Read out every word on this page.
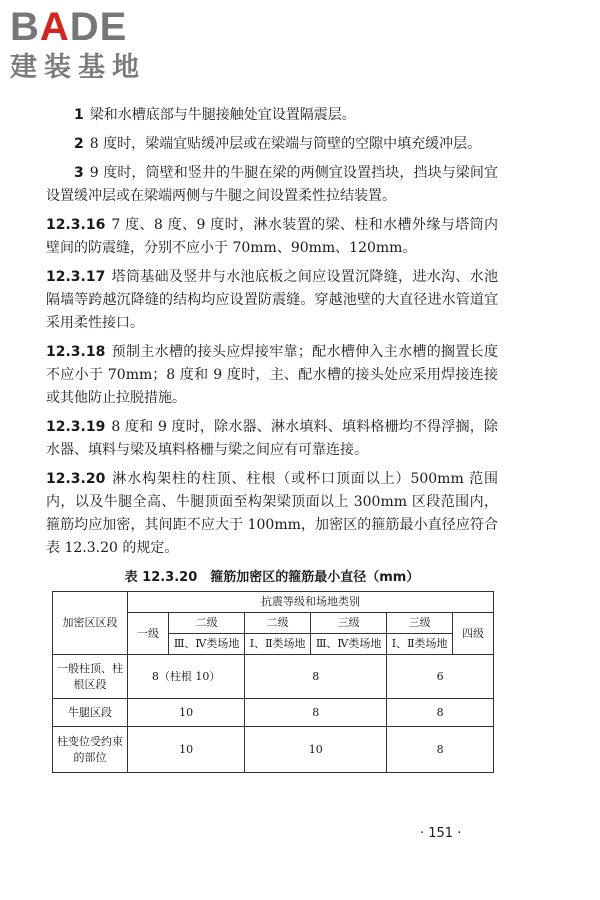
BADE
建装基地

1 梁和水槽底部与牛腿接触处宜设置隔震层。

2 8 度时，梁端宜贴缓冲层或在梁端与筒壁的空隙中填充缓冲层。

3 9 度时，筒壁和竖井的牛腿在梁的两侧宜设置挡块，挡块与梁间宜设置缓冲层或在梁端两侧与牛腿之间设置柔性拉结装置。

12.3.16 7 度、8 度、9 度时，淋水装置的梁、柱和水槽外缘与塔筒内壁间的防震缝，分别不应小于 70mm、90mm、120mm。

12.3.17 塔筒基础及竖井与水池底板之间应设置沉降缝，进水沟、水池隔墙等跨越沉降缝的结构均应设置防震缝。穿越池壁的大直径进水管道宜采用柔性接口。

12.3.18 预制主水槽的接头应焊接牢靠；配水槽伸入主水槽的搁置长度不应小于 70mm；8 度和 9 度时，主、配水槽的接头处应采用焊接连接或其他防止拉脱措施。

12.3.19 8 度和 9 度时，除水器、淋水填料、填料格栅均不得浮搁，除水器、填料与梁及填料格栅与梁之间应有可靠连接。

12.3.20 淋水构架柱的柱顶、柱根（或杯口顶面以上）500mm 范围内，以及牛腿全高、牛腿顶面至构架梁顶面以上 300mm 区段范围内，箍筋均应加密，其间距不应大于 100mm，加密区的箍筋最小直径应符合表 12.3.20 的规定。

表 12.3.20　箍筋加密区的箍筋最小直径（mm）
加密区区段	抗震等级和场地类别					
	一级	二级	二级	三级	三级	四级
		Ⅲ、Ⅳ类场地	Ⅰ、Ⅱ类场地	Ⅲ、Ⅳ类场地	Ⅰ、Ⅱ类场地	
一般柱顶、柱根区段	8（柱根 10）		8		6	
牛腿区段	10		8		8	
柱变位受约束的部位	10		10		8	
· 151 ·
